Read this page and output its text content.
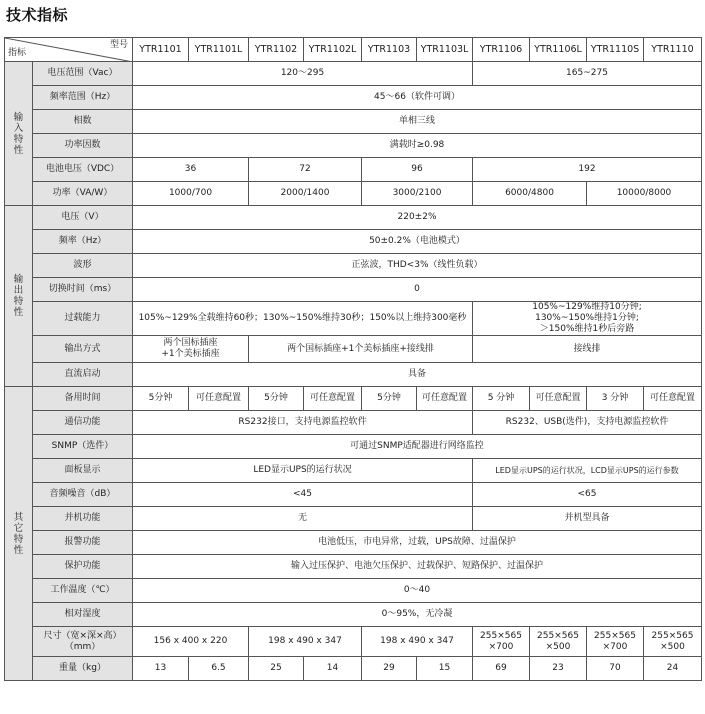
技术指标
型号
指标		YTR1101	YTR1101L	YTR1102	YTR1102L	YTR1103	YTR1103L	YTR1106	YTR1106L	YTR1110S	YTR1110
输
入
特
性	电压范围（Vac）	120～295						165~275			
	频率范围（Hz）	45～66（软件可调）									
	相数	单相三线									
	功率因数	满载时≥0.98									
	电池电压（VDC）	36		72		96		192			
	功率（VA/W）	1000/700		2000/1400		3000/2100		6000/4800		10000/8000	
输
出
特
性	电压（V）	220±2%									
	频率（Hz）	50±0.2%（电池模式）									
	波形	正弦波，THD<3%（线性负载）									
	切换时间（ms）	0									
	过载能力	105%~129%全载维持60秒；130%~150%维持30秒；150%以上维持300毫秒						105%~129%维持10分钟;
130%~150%维持1分钟;
＞150%维持1秒后旁路			
	输出方式	两个国标插座
+1个美标插座		两个国标插座+1个美标插座+接线排				接线排			
	直流启动	具备									
其
它
特
性	备用时间	5分钟	可任意配置	5分钟	可任意配置	5分钟	可任意配置	5 分钟	可任意配置	3 分钟	可任意配置
	通信功能	RS232接口，支持电源监控软件						RS232、USB(选件)，支持电源监控软件			
	SNMP（选件）	可通过SNMP适配器进行网络监控									
	面板显示	LED显示UPS的运行状况						LED显示UPS的运行状况，LCD显示UPS的运行参数			
	音频噪音（dB）	<45						<65			
	并机功能	无						并机型具备			
	报警功能	电池低压，市电异常，过载，UPS故障、过温保护									
	保护功能	输入过压保护、电池欠压保护、过载保护、短路保护、过温保护									
	工作温度（℃）	0～40									
	相对湿度	0～95%，无冷凝									
	尺寸（宽×深×高）
（mm）	156 x 400 x 220		198 x 490 x 347		198 x 490 x 347		255×565
×700	255×565
×500	255×565
×700	255×565
×500
	重量（kg）	13	6.5	25	14	29	15	69	23	70	24
